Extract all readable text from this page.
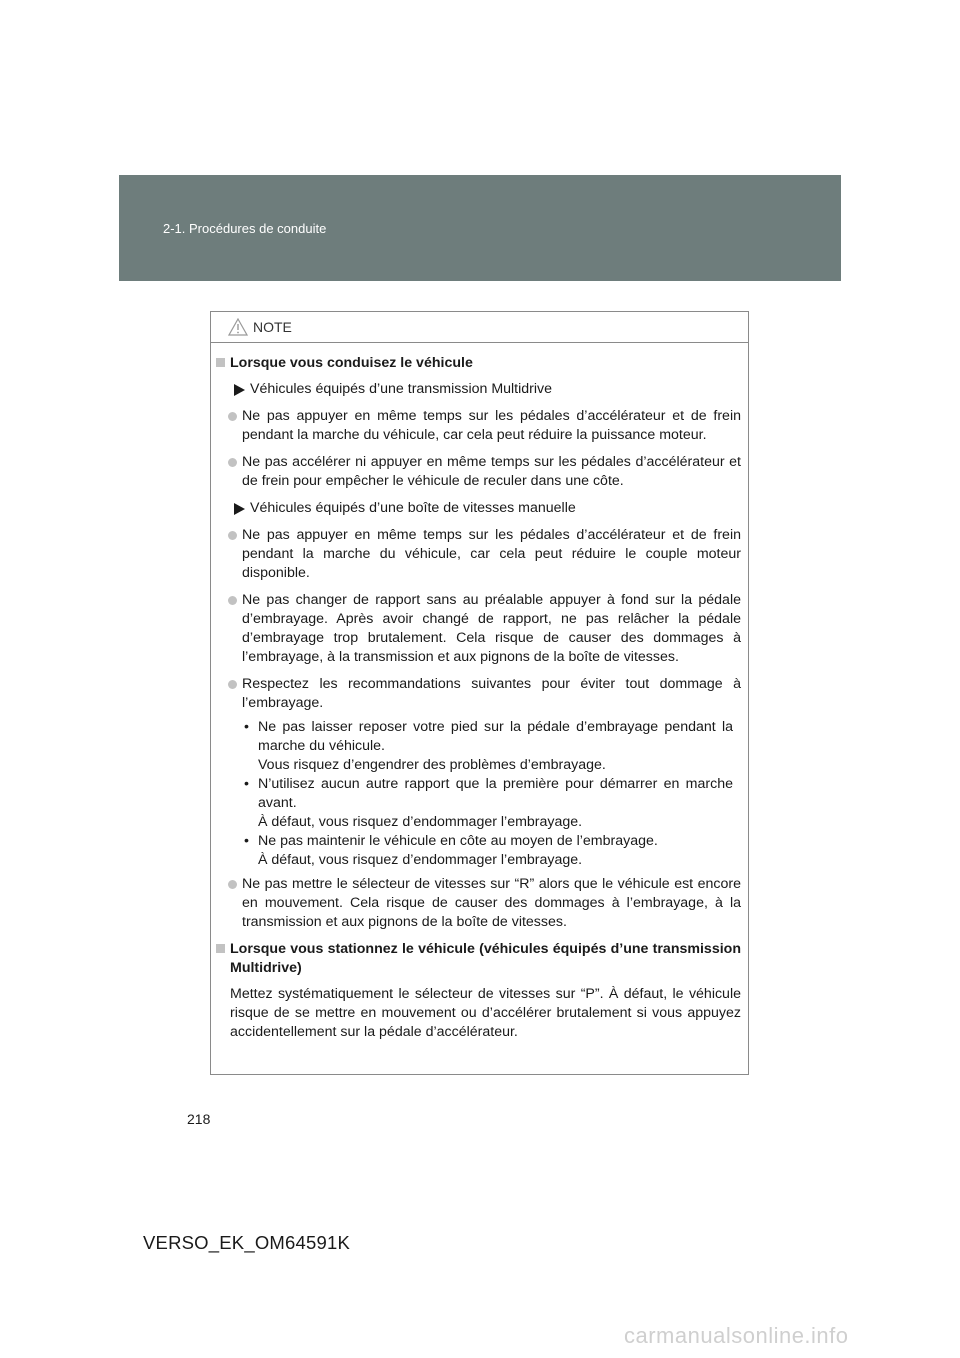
2-1. Procédures de conduite
NOTE
Lorsque vous conduisez le véhicule
Véhicules équipés d’une transmission Multidrive
Ne pas appuyer en même temps sur les pédales d’accélérateur et de frein pendant la marche du véhicule, car cela peut réduire la puissance moteur.
Ne pas accélérer ni appuyer en même temps sur les pédales d’accélérateur et de frein pour empêcher le véhicule de reculer dans une côte.
Véhicules équipés d’une boîte de vitesses manuelle
Ne pas appuyer en même temps sur les pédales d’accélérateur et de frein pendant la marche du véhicule, car cela peut réduire le couple moteur disponible.
Ne pas changer de rapport sans au préalable appuyer à fond sur la pédale d’embrayage. Après avoir changé de rapport, ne pas relâcher la pédale d’embrayage trop brutalement. Cela risque de causer des dommages à l’embrayage, à la transmission et aux pignons de la boîte de vitesses.
Respectez les recommandations suivantes pour éviter tout dommage à l’embrayage.
• Ne pas laisser reposer votre pied sur la pédale d’embrayage pendant la marche du véhicule.
Vous risquez d’engendrer des problèmes d’embrayage.
• N’utilisez aucun autre rapport que la première pour démarrer en marche avant.
À défaut, vous risquez d’endommager l’embrayage.
• Ne pas maintenir le véhicule en côte au moyen de l’embrayage.
À défaut, vous risquez d’endommager l’embrayage.
Ne pas mettre le sélecteur de vitesses sur “R” alors que le véhicule est encore en mouvement. Cela risque de causer des dommages à l’embrayage, à la transmission et aux pignons de la boîte de vitesses.
Lorsque vous stationnez le véhicule (véhicules équipés d’une transmission Multidrive)
Mettez systématiquement le sélecteur de vitesses sur “P”. À défaut, le véhicule risque de se mettre en mouvement ou d’accélérer brutalement si vous appuyez accidentellement sur la pédale d’accélérateur.
218
VERSO_EK_OM64591K
carmanualsonline.info
